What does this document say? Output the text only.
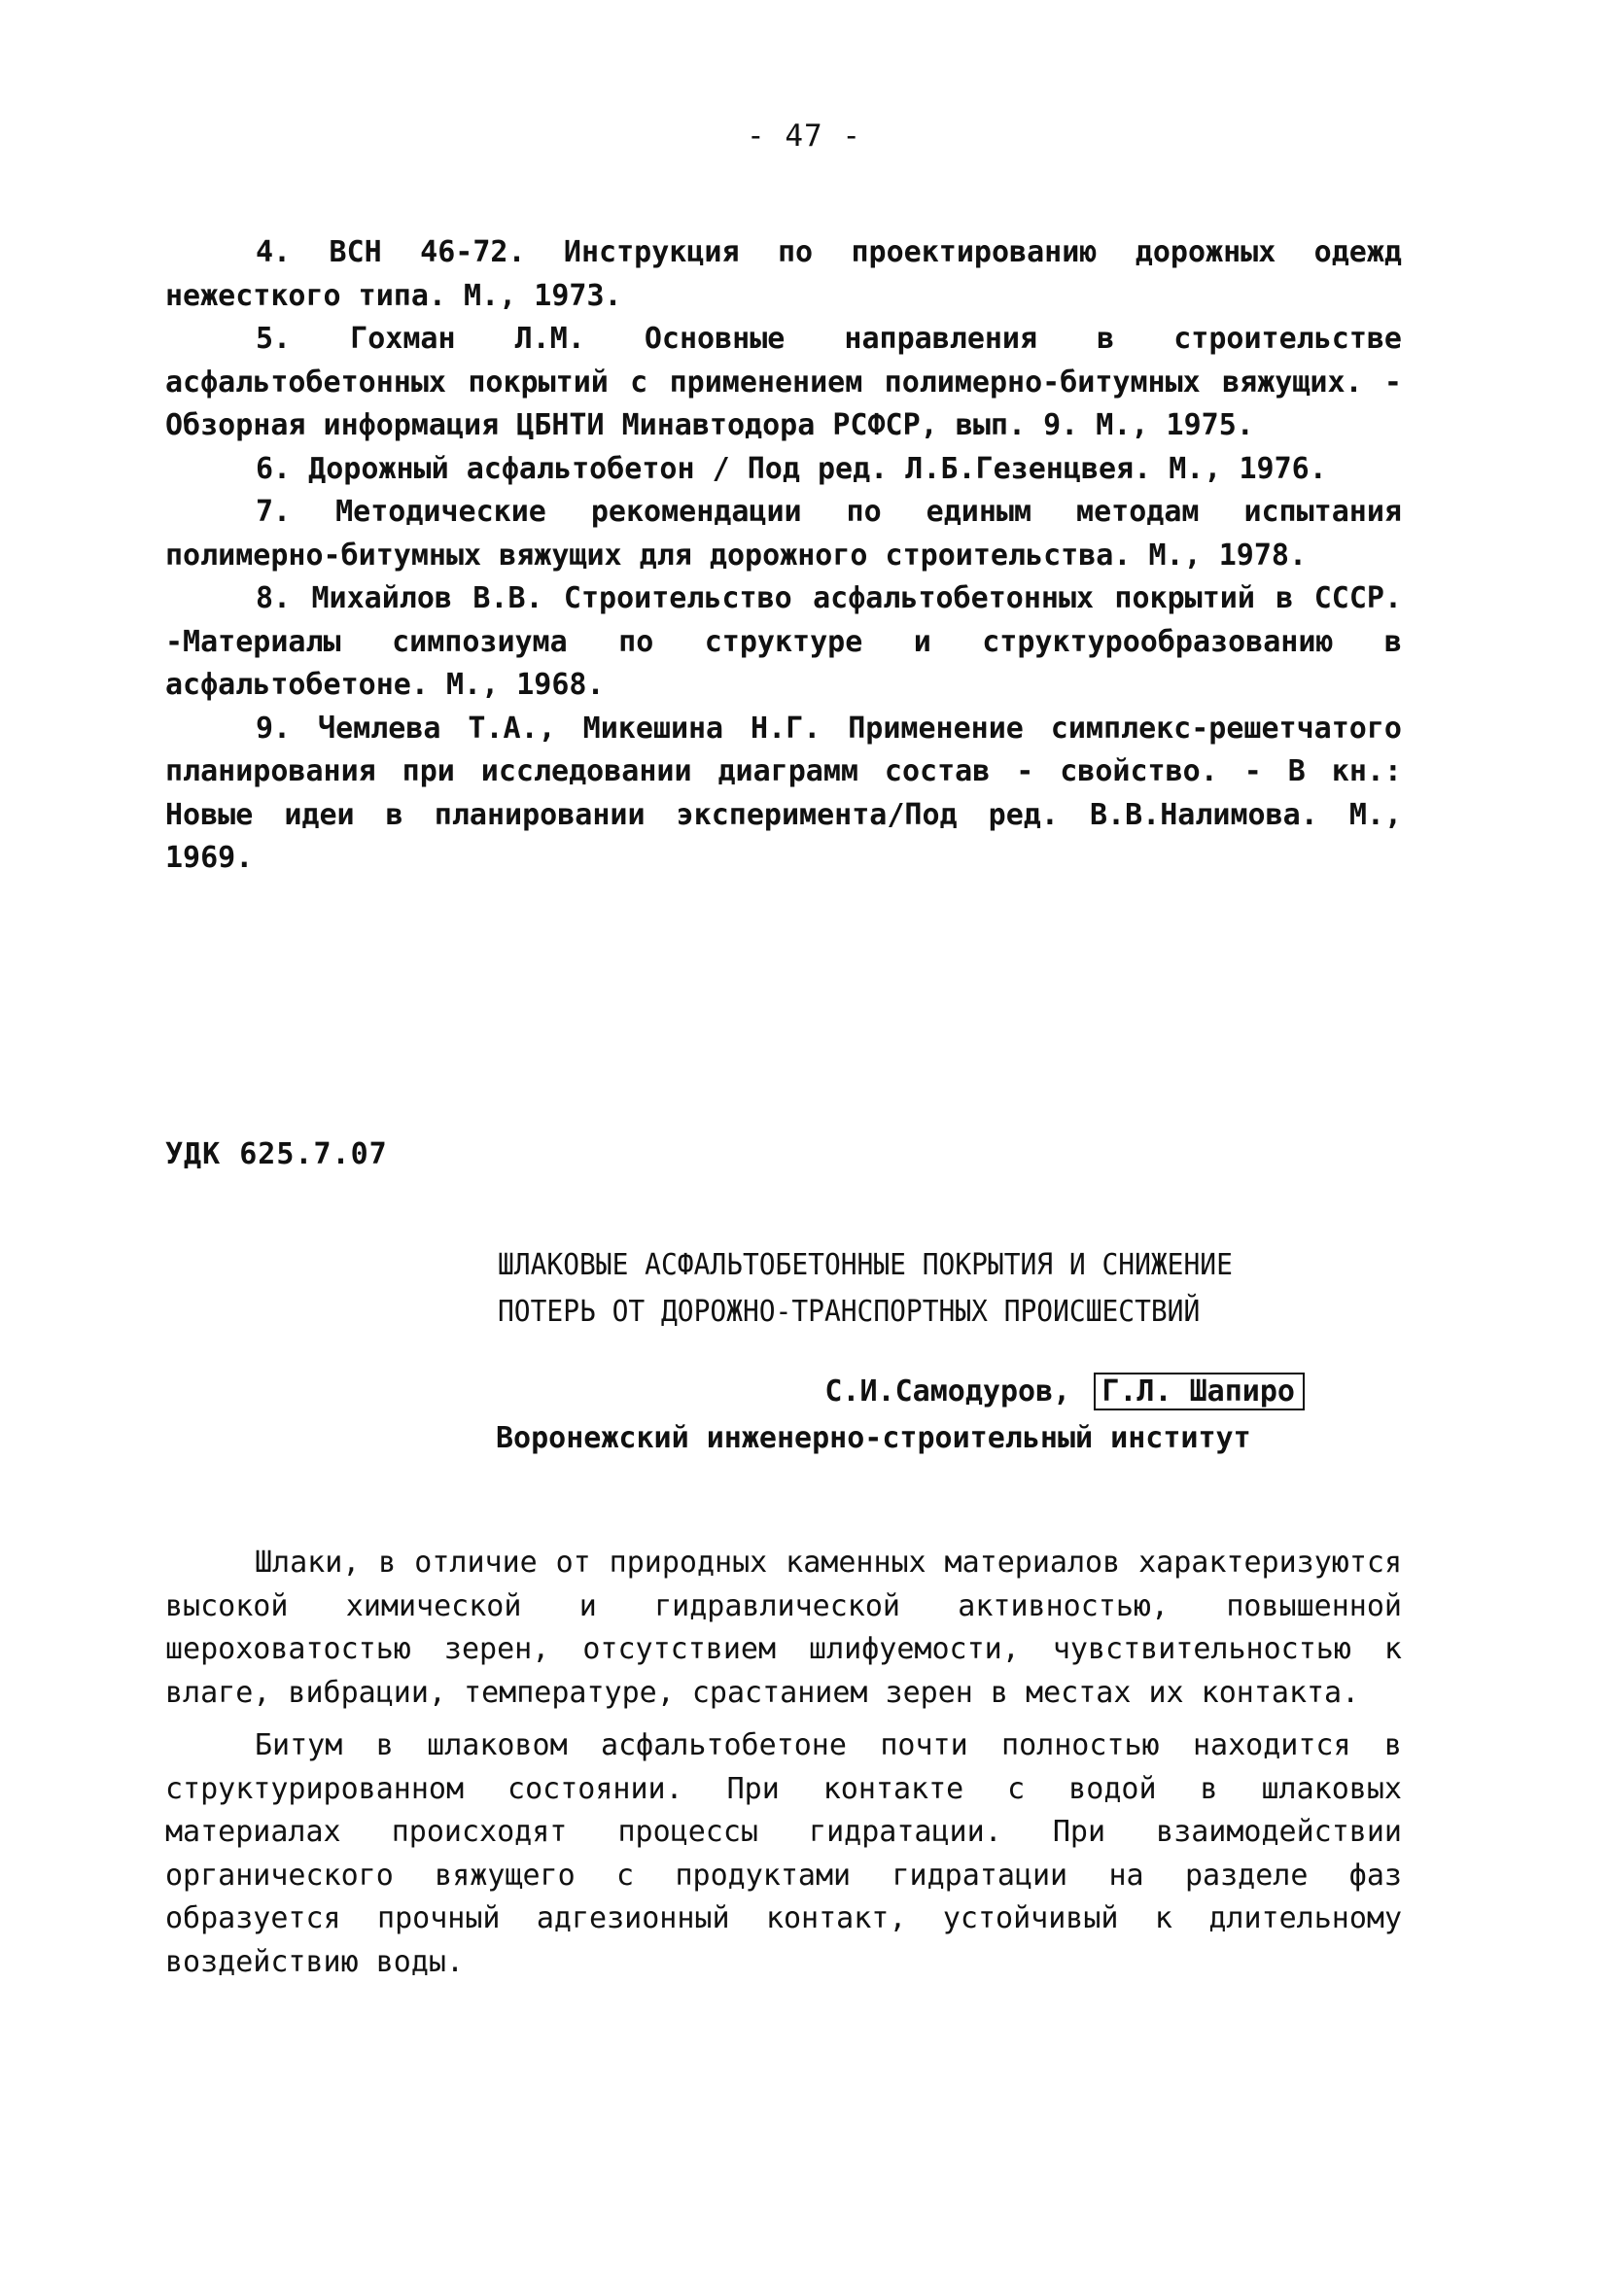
- 47 -

4. ВСН 46-72. Инструкция по проектированию дорожных одежд нежесткого типа. М., 1973.

5. Гохман Л.М. Основные направления в строительстве асфальтобетонных покрытий с применением полимерно-битумных вяжущих. - Обзорная информация ЦБНТИ Минавтодора РСФСР, вып. 9. М., 1975.

6. Дорожный асфальтобетон / Под ред. Л.Б.Гезенцвея. М., 1976.

7. Методические рекомендации по единым методам испытания полимерно-битумных вяжущих для дорожного строительства. М., 1978.

8. Михайлов В.В. Строительство асфальтобетонных покрытий в СССР. -Материалы симпозиума по структуре и структурообразованию в асфальтобетоне. М., 1968.

9. Чемлева Т.А., Микешина Н.Г. Применение симплекс-решетчатого планирования при исследовании диаграмм состав - свойство. - В кн.: Новые идеи в планировании эксперимента/Под ред. В.В.Налимова. М., 1969.

УДК 625.7.07
ШЛАКОВЫЕ АСФАЛЬТОБЕТОННЫЕ ПОКРЫТИЯ И СНИЖЕНИЕ
ПОТЕРЬ ОТ ДОРОЖНО-ТРАНСПОРТНЫХ ПРОИСШЕСТВИЙ
С.И.Самодуров, Г.Л. Шапиро
Воронежский инженерно-строительный институт

Шлаки, в отличие от природных каменных материалов характеризуются высокой химической и гидравлической активностью, повышенной шероховатостью зерен, отсутствием шлифуемости, чувствительностью к влаге, вибрации, температуре, срастанием зерен в местах их контакта.

Битум в шлаковом асфальтобетоне почти полностью находится в структурированном состоянии. При контакте с водой в шлаковых материалах происходят процессы гидратации. При взаимодействии органического вяжущего с продуктами гидратации на разделе фаз образуется прочный адгезионный контакт, устойчивый к длительному воздействию воды.
